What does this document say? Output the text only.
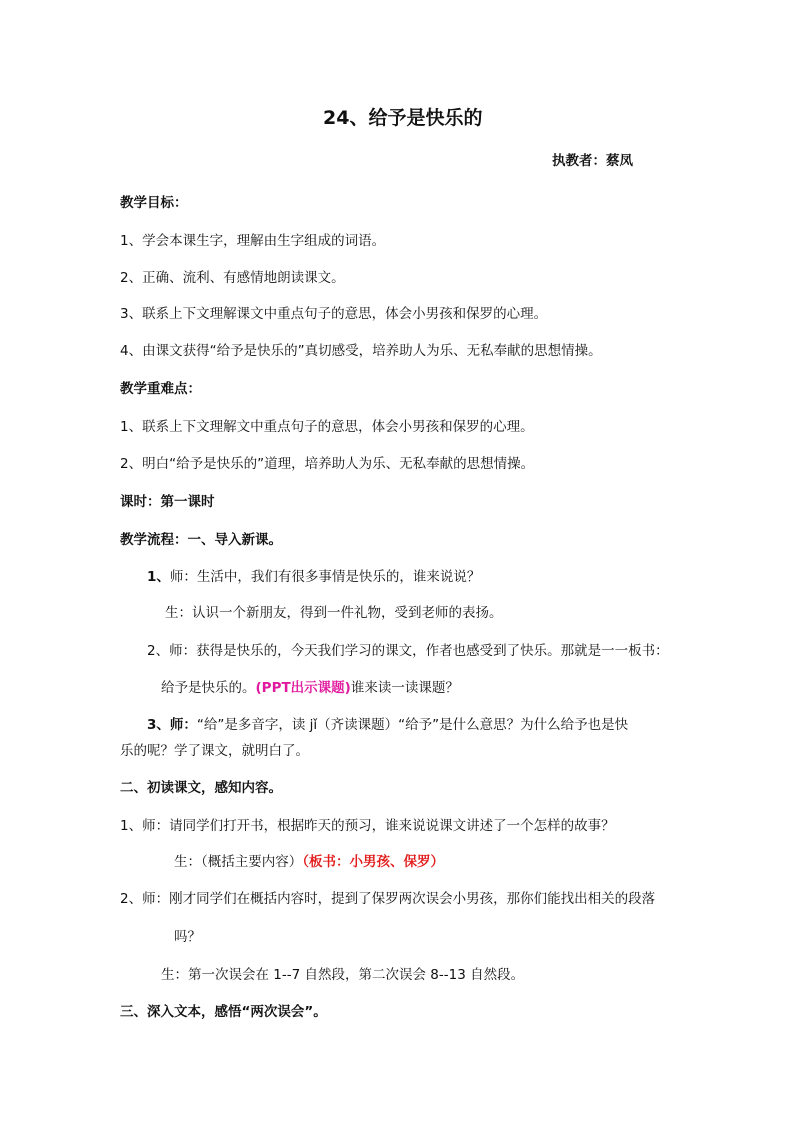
24、给予是快乐的
执教者：蔡凤
教学目标：
1、学会本课生字，理解由生字组成的词语。
2、正确、流利、有感情地朗读课文。
3、联系上下文理解课文中重点句子的意思，体会小男孩和保罗的心理。
4、由课文获得“给予是快乐的”真切感受，培养助人为乐、无私奉献的思想情操。
教学重难点：
1、联系上下文理解文中重点句子的意思，体会小男孩和保罗的心理。
2、明白“给予是快乐的”道理，培养助人为乐、无私奉献的思想情操。
课时：第一课时
教学流程：一、导入新课。
1、师：生活中，我们有很多事情是快乐的，谁来说说？
生：认识一个新朋友，得到一件礼物，受到老师的表扬。
2、师：获得是快乐的，今天我们学习的课文，作者也感受到了快乐。那就是一一板书：
给予是快乐的。(PPT出示课题)谁来读一读课题？
3、师：“给”是多音字，读 jǐ（齐读课题）“给予”是什么意思？为什么给予也是快
乐的呢？学了课文，就明白了。
二、初读课文，感知内容。
1、师：请同学们打开书，根据昨天的预习，谁来说说课文讲述了一个怎样的故事？
生：（概括主要内容）（板书：小男孩、保罗）
2、师：刚才同学们在概括内容时，提到了保罗两次误会小男孩，那你们能找出相关的段落
吗？
生：第一次误会在 1--7 自然段，第二次误会 8--13 自然段。
三、深入文本，感悟“两次误会”。
